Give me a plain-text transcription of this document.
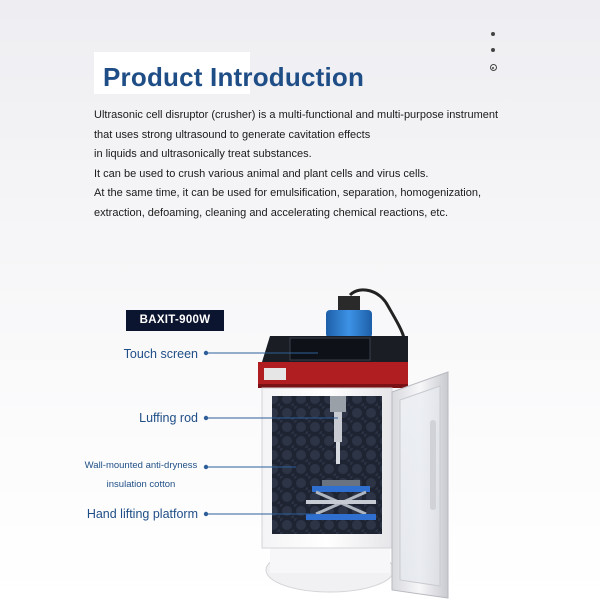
Product Introduction

Ultrasonic cell disruptor (crusher) is a multi-functional and multi-purpose instrument

that uses strong ultrasound to generate cavitation effects

in liquids and ultrasonically treat substances.

It can be used to crush various animal and plant cells and virus cells.

At the same time, it can be used for emulsification, separation, homogenization,

extraction, defoaming, cleaning and accelerating chemical reactions, etc.

BAXIT-900W
Touch screen
Luffing rod
Wall-mounted anti-dryness
insulation cotton
Hand lifting platform
